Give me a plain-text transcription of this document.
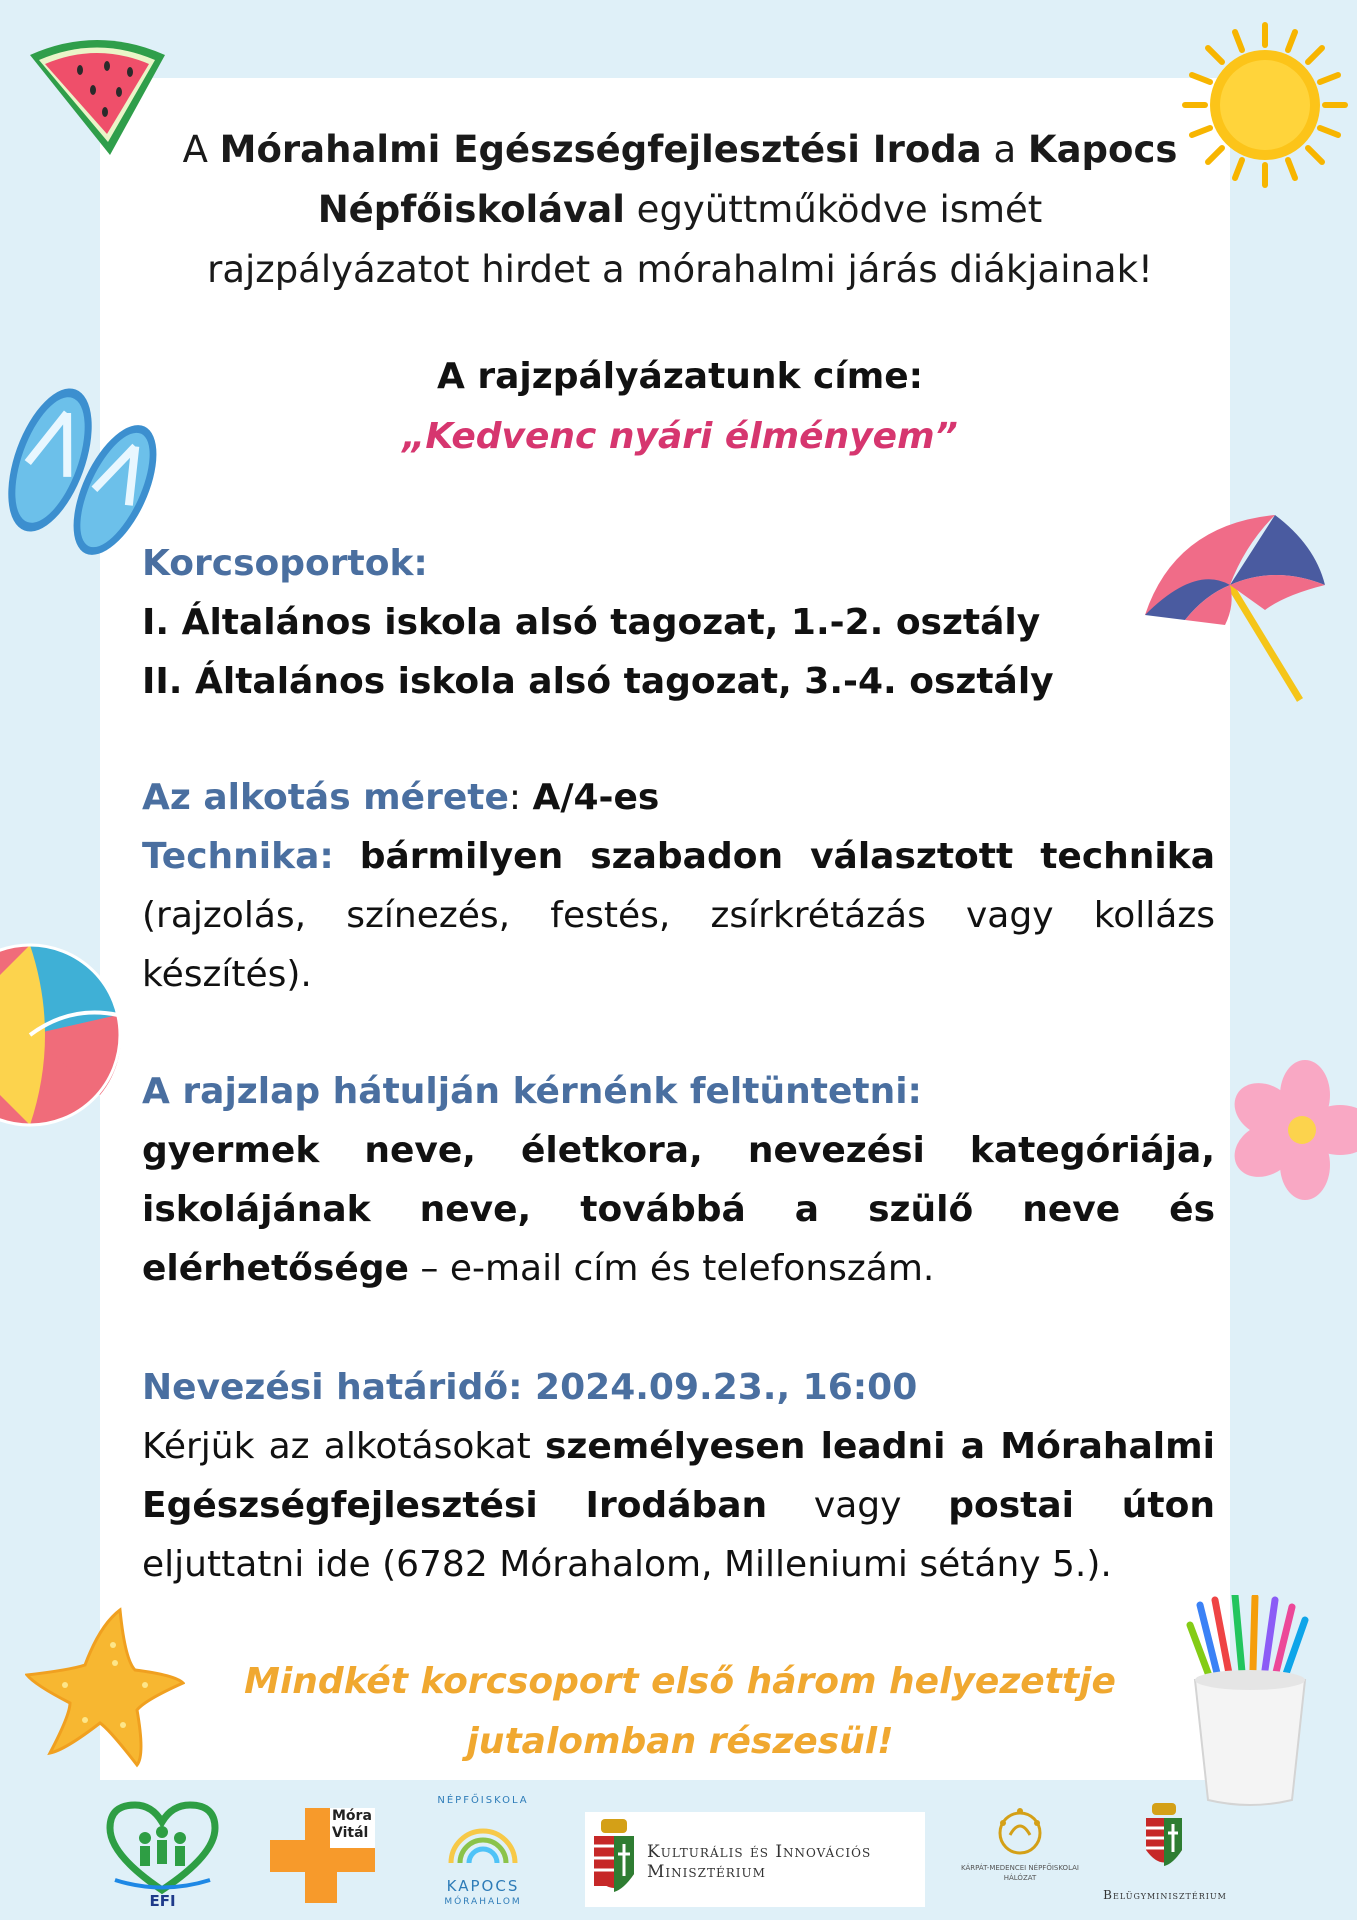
A Mórahalmi Egészségfejlesztési Iroda a Kapocs
Népfőiskolával együttműködve ismét
rajzpályázatot hirdet a mórahalmi járás diákjainak!
A rajzpályázatunk címe:
„Kedvenc nyári élményem”
Korcsoportok:
I. Általános iskola alsó tagozat, 1.-2. osztály
II. Általános iskola alsó tagozat, 3.-4. osztály
Az alkotás mérete: A/4-es
Technika: bármilyen szabadon választott technika (rajzolás, színezés, festés, zsírkrétázás vagy kollázs készítés).
A rajzlap hátulján kérnénk feltüntetni:
gyermek neve, életkora, nevezési kategóriája, iskolájának neve, továbbá a szülő neve és elérhetősége – e-mail cím és telefonszám.
Nevezési határidő: 2024.09.23., 16:00
Kérjük az alkotásokat személyesen leadni a Mórahalmi Egészségfejlesztési Irodában vagy postai úton eljuttatni ide (6782 Mórahalom, Milleniumi sétány 5.).
Mindkét korcsoport első három helyezettje
jutalomban részesül!
EFI
Móra
Vitál
NÉPFŐISKOLA
KAPOCS
MÓRAHALOM
Kulturális és Innovációs
Minisztérium	KÁRPÁT-MEDENCEI NÉPFŐISKOLAI HÁLÓZAT
Belügyminisztérium
